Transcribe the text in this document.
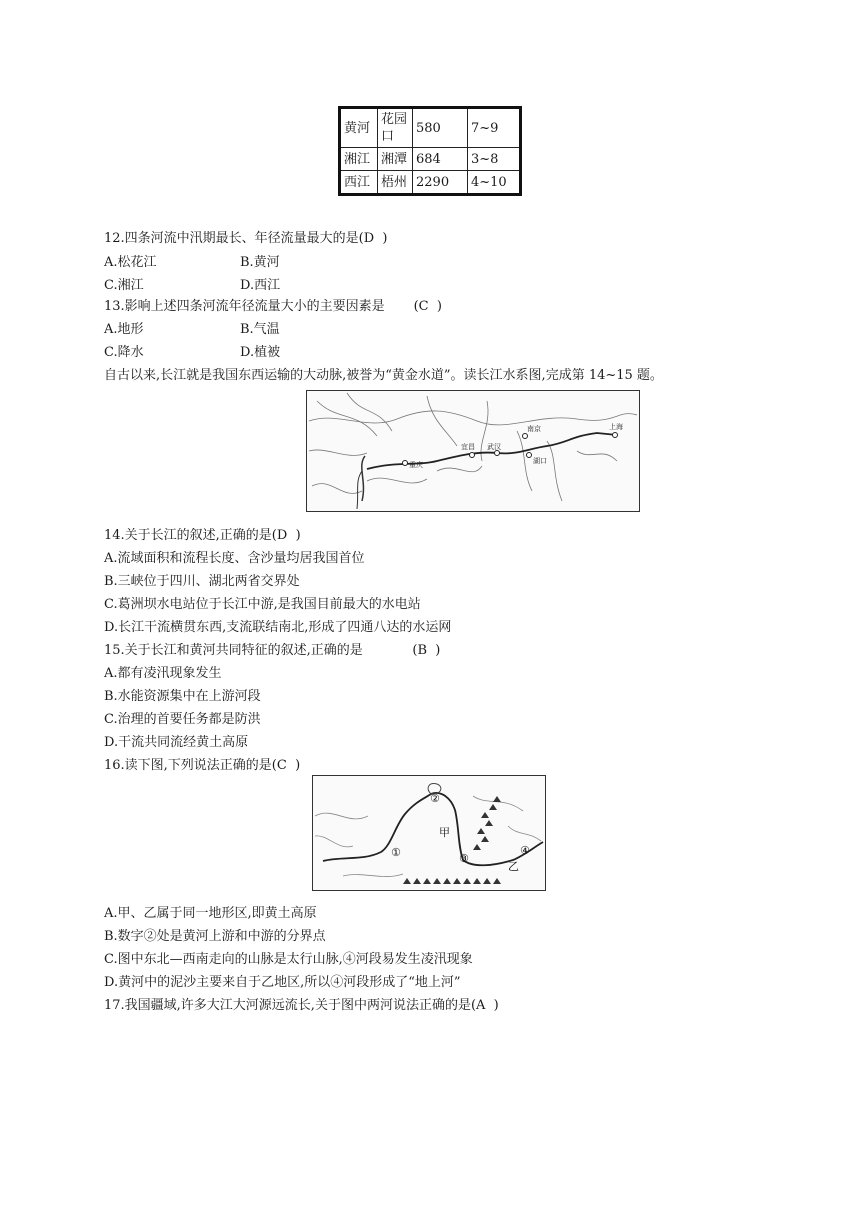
黄河	花园口	580	7~9
湘江	湘潭	684	3~8
西江	梧州	2290	4~10
12.四条河流中汛期最长、年径流量最大的是(D  )
A.松花江	B.黄河
C.湘江	D.西江
13.影响上述四条河流年径流量大小的主要因素是       (C  )
A.地形	B.气温
C.降水	D.植被
自古以来,长江就是我国东西运输的大动脉,被誉为“黄金水道”。读长江水系图,完成第 14~15 题。
重庆
宜昌 武汉
南京	上海
湖口
14.关于长江的叙述,正确的是(D  )
A.流域面积和流程长度、含沙量均居我国首位
B.三峡位于四川、湖北两省交界处
C.葛洲坝水电站位于长江中游,是我国目前最大的水电站
D.长江干流横贯东西,支流联结南北,形成了四通八达的水运网
15.关于长江和黄河共同特征的叙述,正确的是            (B  )
A.都有凌汛现象发生
B.水能资源集中在上游河段
C.治理的首要任务都是防洪
D.干流共同流经黄土高原
16.读下图,下列说法正确的是(C  )
①
②
③
④
甲
乙
A.甲、乙属于同一地形区,即黄土高原
B.数字②处是黄河上游和中游的分界点
C.图中东北—西南走向的山脉是太行山脉,④河段易发生凌汛现象
D.黄河中的泥沙主要来自于乙地区,所以④河段形成了“地上河”
17.我国疆域,许多大江大河源远流长,关于图中两河说法正确的是(A  )
